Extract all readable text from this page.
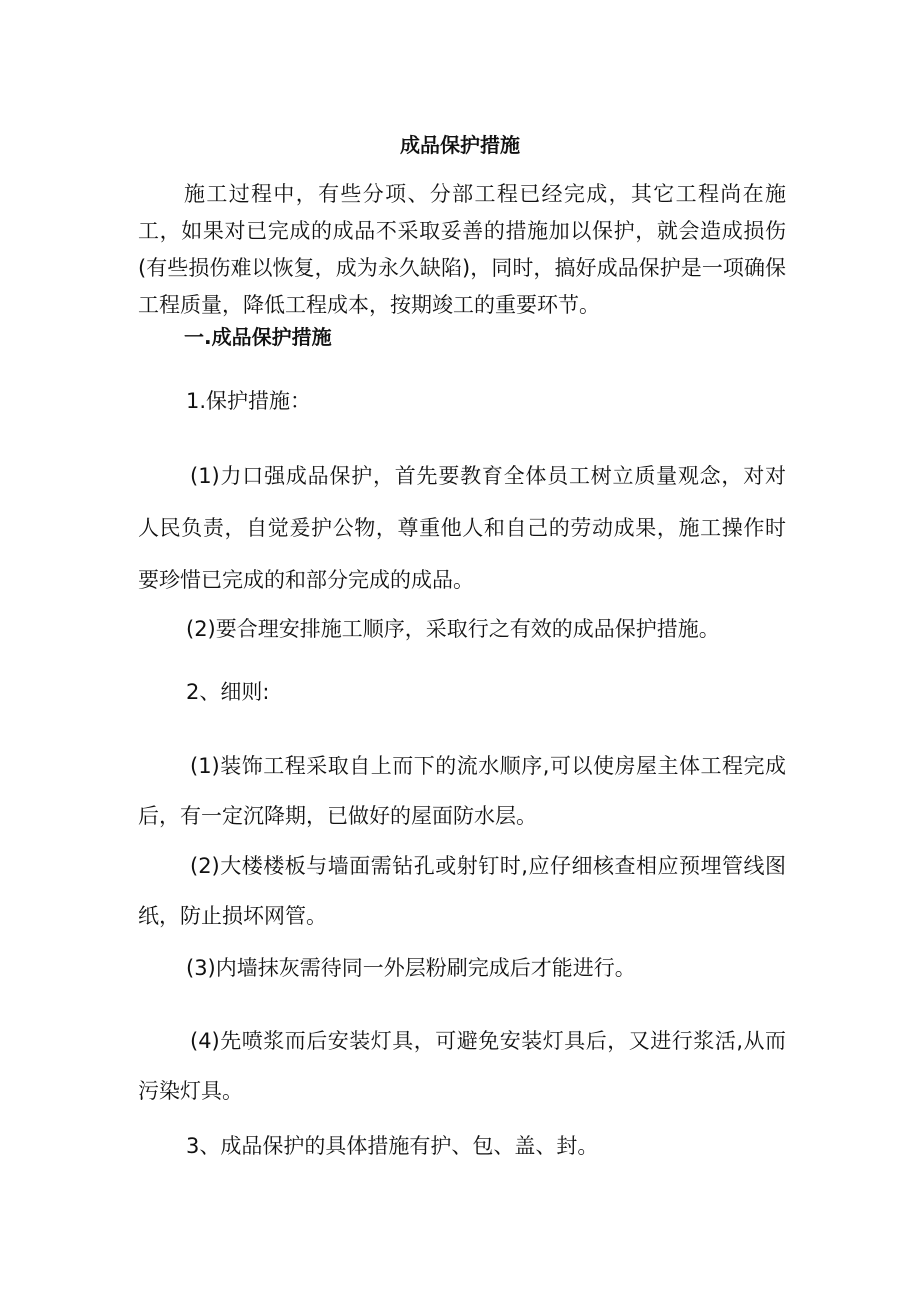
成品保护措施

施工过程中，有些分项、分部工程已经完成，其它工程尚在施工，如果对已完成的成品不采取妥善的措施加以保护，就会造成损伤(有些损伤难以恢复，成为永久缺陷)，同时，搞好成品保护是一项确保工程质量，降低工程成本，按期竣工的重要环节。

一.成品保护措施
1.保护措施：

(1)力口强成品保护，首先要教育全体员工树立质量观念，对对人民负责，自觉爰护公物，尊重他人和自己的劳动成果，施工操作时要珍惜已完成的和部分完成的成品。

(2)要合理安排施工顺序，采取行之有效的成品保护措施。
2、细则:

(1)装饰工程采取自上而下的流水顺序,可以使房屋主体工程完成后，有一定沉降期，已做好的屋面防水层。

(2)大楼楼板与墙面需钻孔或射钉时,应仔细核查相应预埋管线图纸，防止损坏网管。

(3)内墙抹灰需待同一外层粉刷完成后才能进行。

(4)先喷浆而后安装灯具，可避免安装灯具后，又进行浆活,从而污染灯具。

3、成品保护的具体措施有护、包、盖、封。
